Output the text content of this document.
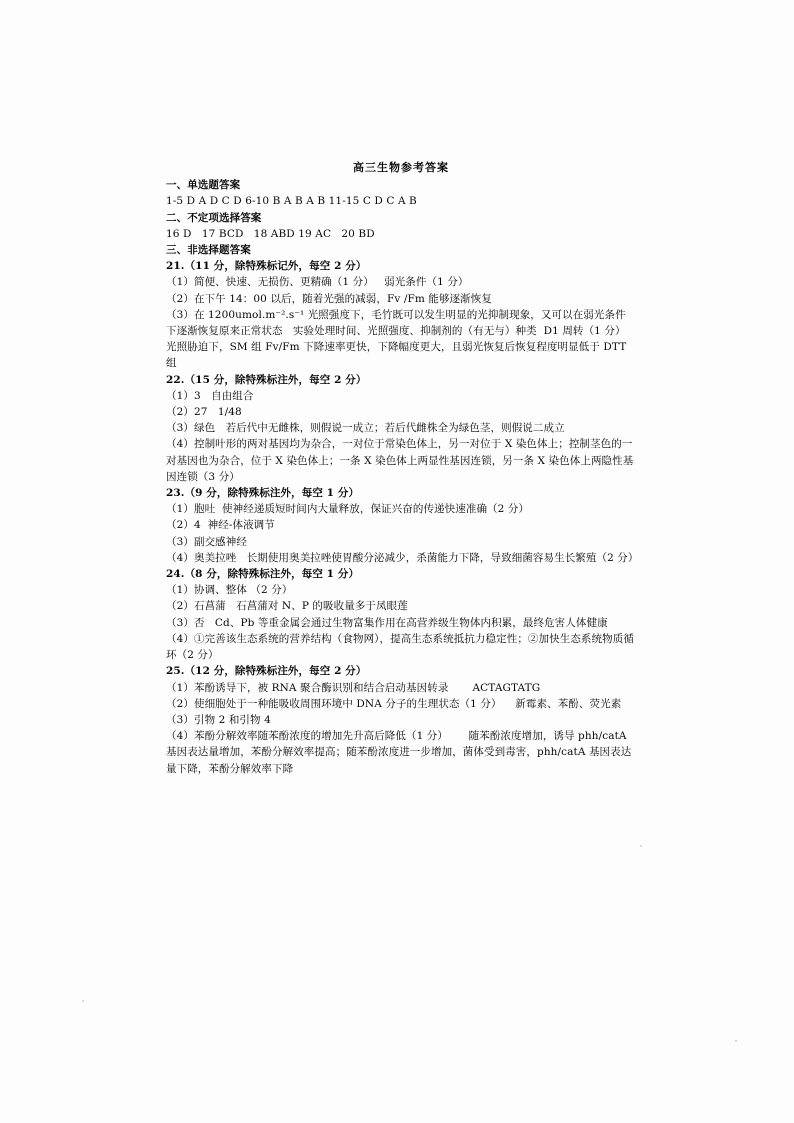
高三生物参考答案
一、单选题答案
1-5 D A D C D 6-10 B A B A B 11-15 C D C A B
二、不定项选择答案
16 D   17 BCD   18 ABD 19 AC   20 BD
三、非选择题答案
21.（11 分，除特殊标记外，每空 2 分）
（1）简便、快速、无损伤、更精确（1 分）   弱光条件（1 分）
（2）在下午 14：00 以后，随着光强的减弱，Fv /Fm 能够逐渐恢复
（3）在 1200umol.m⁻².s⁻¹ 光照强度下，毛竹既可以发生明显的光抑制现象，又可以在弱光条件下逐渐恢复原来正常状态   实验处理时间、光照强度、抑制剂的（有无与）种类  D1 周转（1 分）  光照胁迫下，SM 组 Fv/Fm 下降速率更快，下降幅度更大，且弱光恢复后恢复程度明显低于 DTT 组
22.（15 分，除特殊标注外，每空 2 分）
（1）3   自由组合
（2）27   1/48
（3）绿色   若后代中无雌株，则假说一成立；若后代雌株全为绿色茎，则假说二成立
（4）控制叶形的两对基因均为杂合，一对位于常染色体上，另一对位于 X 染色体上；控制茎色的一对基因也为杂合，位于 X 染色体上；一条 X 染色体上两显性基因连锁，另一条 X 染色体上两隐性基因连锁（3 分）
23.（9 分，除特殊标注外，每空 1 分）
（1）胞吐  使神经递质短时间内大量释放，保证兴奋的传递快速准确（2 分）
（2）4  神经-体液调节
（3）副交感神经
（4）奥美拉唑   长期使用奥美拉唑使胃酸分泌减少，杀菌能力下降，导致细菌容易生长繁殖（2 分）
24.（8 分，除特殊标注外，每空 1 分）
（1）协调、整体 （2 分）
（2）石菖蒲   石菖蒲对 N、P 的吸收量多于凤眼莲
（3）否   Cd、Pb 等重金属会通过生物富集作用在高营养级生物体内积累，最终危害人体健康
（4）①完善该生态系统的营养结构（食物网），提高生态系统抵抗力稳定性；②加快生态系统物质循环（2 分）
25.（12 分，除特殊标注外，每空 2 分）
（1）苯酚诱导下，被 RNA 聚合酶识别和结合启动基因转录       ACTAGTATG
（2）使细胞处于一种能吸收周围环境中 DNA 分子的生理状态（1 分）    新霉素、苯酚、荧光素
（3）引物 2 和引物 4
（4）苯酚分解效率随苯酚浓度的增加先升高后降低（1 分）      随苯酚浓度增加，诱导 phh/catA 基因表达量增加，苯酚分解效率提高；随苯酚浓度进一步增加，菌体受到毒害，phh/catA 基因表达量下降，苯酚分解效率下降
